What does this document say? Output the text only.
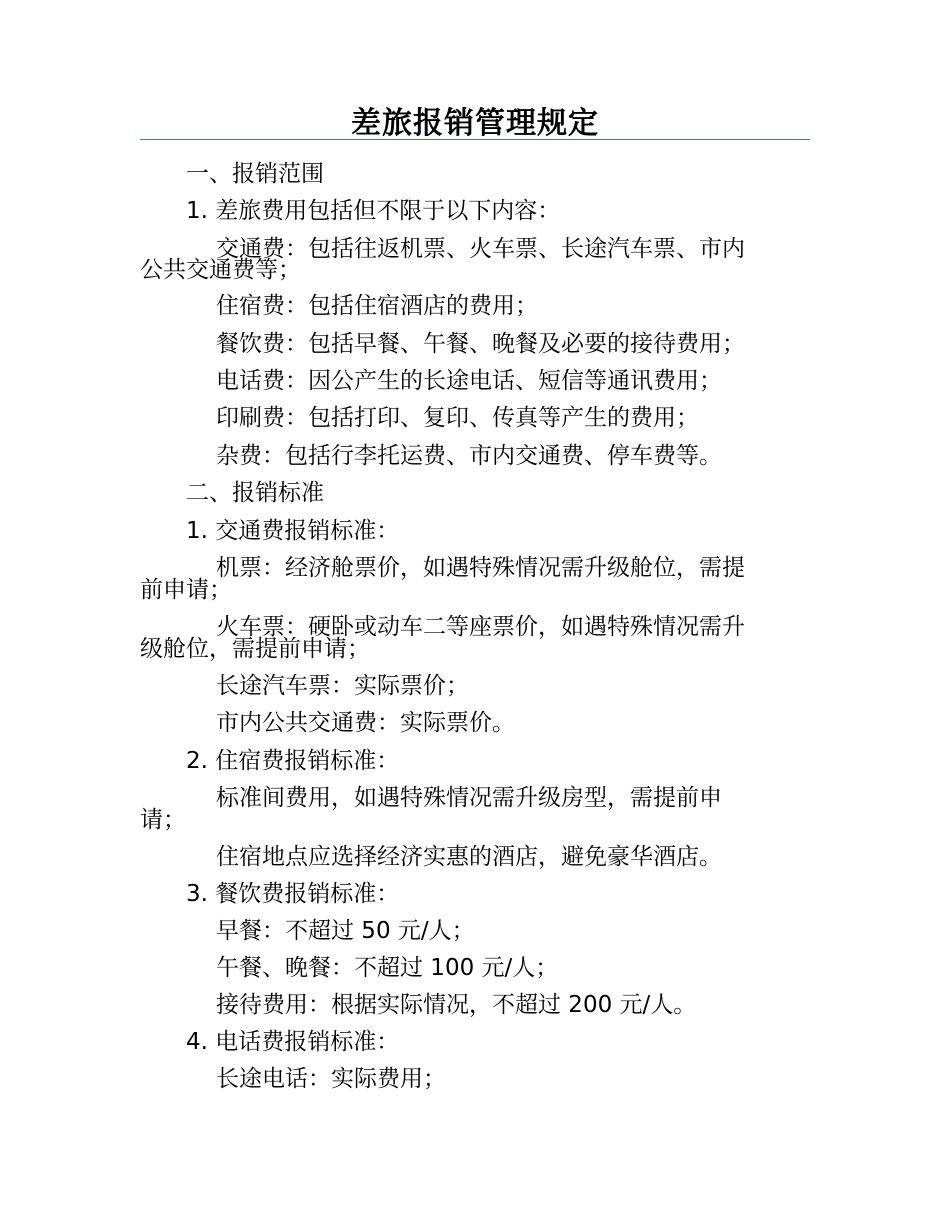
差旅报销管理规定
一、报销范围
1. 差旅费用包括但不限于以下内容：
交通费：包括往返机票、火车票、长途汽车票、市内
公共交通费等；
住宿费：包括住宿酒店的费用；
餐饮费：包括早餐、午餐、晚餐及必要的接待费用；
电话费：因公产生的长途电话、短信等通讯费用；
印刷费：包括打印、复印、传真等产生的费用；
杂费：包括行李托运费、市内交通费、停车费等。
二、报销标准
1. 交通费报销标准：
机票：经济舱票价，如遇特殊情况需升级舱位，需提
前申请；
火车票：硬卧或动车二等座票价，如遇特殊情况需升
级舱位，需提前申请；
长途汽车票：实际票价；
市内公共交通费：实际票价。
2. 住宿费报销标准：
标准间费用，如遇特殊情况需升级房型，需提前申
请；
住宿地点应选择经济实惠的酒店，避免豪华酒店。
3. 餐饮费报销标准：
早餐：不超过 50 元/人；
午餐、晚餐：不超过 100 元/人；
接待费用：根据实际情况，不超过 200 元/人。
4. 电话费报销标准：
长途电话：实际费用；
